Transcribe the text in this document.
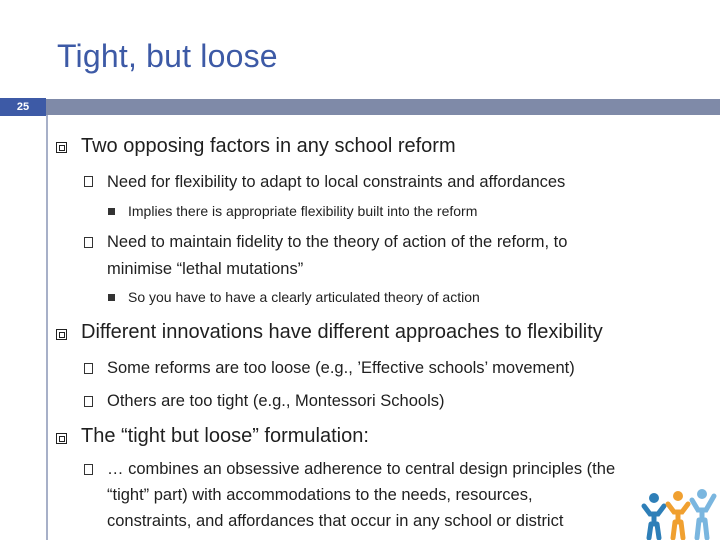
Tight, but loose
25
Two opposing factors in any school reform
Need for flexibility to adapt to local constraints and affordances
Implies there is appropriate flexibility built into the reform
Need to maintain fidelity to the theory of action of the reform, to
minimise “lethal mutations”
So you have to have a clearly articulated theory of action
Different innovations have different approaches to flexibility
Some reforms are too loose (e.g., ’Effective schools’ movement)
Others are too tight (e.g., Montessori Schools)
The “tight but loose” formulation:
… combines an obsessive adherence to central design principles (the
“tight” part) with accommodations to the needs, resources,
constraints, and affordances that occur in any school or district
